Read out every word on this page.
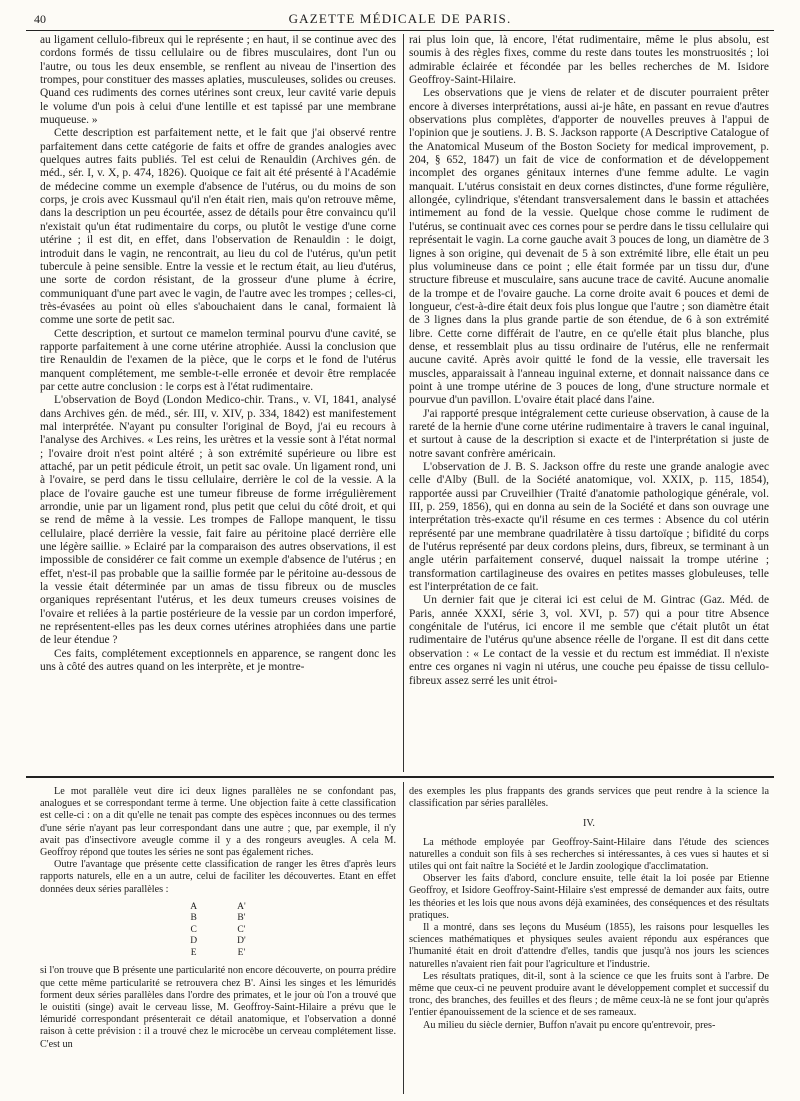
40	GAZETTE MÉDICALE DE PARIS.

au ligament cellulo-fibreux qui le représente ; en haut, il se continue avec des cordons formés de tissu cellulaire ou de fibres musculaires, dont l'un ou l'autre, ou tous les deux ensemble, se renflent au niveau de l'insertion des trompes, pour constituer des masses aplaties, musculeuses, solides ou creuses. Quand ces rudiments des cornes utérines sont creux, leur cavité varie depuis le volume d'un pois à celui d'une lentille et est tapissé par une membrane muqueuse. »

Cette description est parfaitement nette, et le fait que j'ai observé rentre parfaitement dans cette catégorie de faits et offre de grandes analogies avec quelques autres faits publiés. Tel est celui de Renauldin (Archives gén. de méd., sér. I, v. X, p. 474, 1826). Quoique ce fait ait été présenté à l'Académie de médecine comme un exemple d'absence de l'utérus, ou du moins de son corps, je crois avec Kussmaul qu'il n'en était rien, mais qu'on retrouve même, dans la description un peu écourtée, assez de détails pour être convaincu qu'il n'existait qu'un état rudimentaire du corps, ou plutôt le vestige d'une corne utérine ; il est dit, en effet, dans l'observation de Renauldin : le doigt, introduit dans le vagin, ne rencontrait, au lieu du col de l'utérus, qu'un petit tubercule à peine sensible. Entre la vessie et le rectum était, au lieu d'utérus, une sorte de cordon résistant, de la grosseur d'une plume à écrire, communiquant d'une part avec le vagin, de l'autre avec les trompes ; celles-ci, très-évasées au point où elles s'abouchaient dans le canal, formaient là comme une sorte de petit sac.

Cette description, et surtout ce mamelon terminal pourvu d'une cavité, se rapporte parfaitement à une corne utérine atrophiée. Aussi la conclusion que tire Renauldin de l'examen de la pièce, que le corps et le fond de l'utérus manquent complétement, me semble-t-elle erronée et devoir être remplacée par cette autre conclusion : le corps est à l'état rudimentaire.

L'observation de Boyd (London Medico-chir. Trans., v. VI, 1841, analysé dans Archives gén. de méd., sér. III, v. XIV, p. 334, 1842) est manifestement mal interprétée. N'ayant pu consulter l'original de Boyd, j'ai eu recours à l'analyse des Archives. « Les reins, les urètres et la vessie sont à l'état normal ; l'ovaire droit n'est point altéré ; à son extrémité supérieure ou libre est attaché, par un petit pédicule étroit, un petit sac ovale. Un ligament rond, uni à l'ovaire, se perd dans le tissu cellulaire, derrière le col de la vessie. A la place de l'ovaire gauche est une tumeur fibreuse de forme irrégulièrement arrondie, unie par un ligament rond, plus petit que celui du côté droit, et qui se rend de même à la vessie. Les trompes de Fallope manquent, le tissu cellulaire, placé derrière la vessie, fait faire au péritoine placé derrière elle une légère saillie. » Eclairé par la comparaison des autres observations, il est impossible de considérer ce fait comme un exemple d'absence de l'utérus ; en effet, n'est-il pas probable que la saillie formée par le péritoine au-dessous de la vessie était déterminée par un amas de tissu fibreux ou de muscles organiques représentant l'utérus, et les deux tumeurs creuses voisines de l'ovaire et reliées à la partie postérieure de la vessie par un cordon imperforé, ne représentent-elles pas les deux cornes utérines atrophiées dans une partie de leur étendue ?

Ces faits, complétement exceptionnels en apparence, se rangent donc les uns à côté des autres quand on les interprète, et je montre-

rai plus loin que, là encore, l'état rudimentaire, même le plus absolu, est soumis à des règles fixes, comme du reste dans toutes les monstruosités ; loi admirable éclairée et fécondée par les belles recherches de M. Isidore Geoffroy-Saint-Hilaire.

Les observations que je viens de relater et de discuter pourraient prêter encore à diverses interprétations, aussi ai-je hâte, en passant en revue d'autres observations plus complètes, d'apporter de nouvelles preuves à l'appui de l'opinion que je soutiens. J. B. S. Jackson rapporte (A Descriptive Catalogue of the Anatomical Museum of the Boston Society for medical improvement, p. 204, § 652, 1847) un fait de vice de conformation et de développement incomplet des organes génitaux internes d'une femme adulte. Le vagin manquait. L'utérus consistait en deux cornes distinctes, d'une forme régulière, allongée, cylindrique, s'étendant transversalement dans le bassin et attachées intimement au fond de la vessie. Quelque chose comme le rudiment de l'utérus, se continuait avec ces cornes pour se perdre dans le tissu cellulaire qui représentait le vagin. La corne gauche avait 3 pouces de long, un diamètre de 3 lignes à son origine, qui devenait de 5 à son extrémité libre, elle était un peu plus volumineuse dans ce point ; elle était formée par un tissu dur, d'une structure fibreuse et musculaire, sans aucune trace de cavité. Aucune anomalie de la trompe et de l'ovaire gauche. La corne droite avait 6 pouces et demi de longueur, c'est-à-dire était deux fois plus longue que l'autre ; son diamètre était de 3 lignes dans la plus grande partie de son étendue, de 6 à son extrémité libre. Cette corne différait de l'autre, en ce qu'elle était plus blanche, plus dense, et ressemblait plus au tissu ordinaire de l'utérus, elle ne renfermait aucune cavité. Après avoir quitté le fond de la vessie, elle traversait les muscles, apparaissait à l'anneau inguinal externe, et donnait naissance dans ce point à une trompe utérine de 3 pouces de long, d'une structure normale et pourvue d'un pavillon. L'ovaire était placé dans l'aine.

J'ai rapporté presque intégralement cette curieuse observation, à cause de la rareté de la hernie d'une corne utérine rudimentaire à travers le canal inguinal, et surtout à cause de la description si exacte et de l'interprétation si juste de notre savant confrère américain.

L'observation de J. B. S. Jackson offre du reste une grande analogie avec celle d'Alby (Bull. de la Société anatomique, vol. XXIX, p. 115, 1854), rapportée aussi par Cruveilhier (Traité d'anatomie pathologique générale, vol. III, p. 259, 1856), qui en donna au sein de la Société et dans son ouvrage une interprétation très-exacte qu'il résume en ces termes : Absence du col utérin représenté par une membrane quadrilatère à tissu dartoïque ; bifidité du corps de l'utérus représenté par deux cordons pleins, durs, fibreux, se terminant à un angle utérin parfaitement conservé, duquel naissait la trompe utérine ; transformation cartilagineuse des ovaires en petites masses globuleuses, telle est l'interprétation de ce fait.

Un dernier fait que je citerai ici est celui de M. Gintrac (Gaz. Méd. de Paris, année XXXI, série 3, vol. XVI, p. 57) qui a pour titre Absence congénitale de l'utérus, ici encore il me semble que c'était plutôt un état rudimentaire de l'utérus qu'une absence réelle de l'organe. Il est dit dans cette observation : « Le contact de la vessie et du rectum est immédiat. Il n'existe entre ces organes ni vagin ni utérus, une couche peu épaisse de tissu cellulo-fibreux assez serré les unit étroi-

Le mot parallèle veut dire ici deux lignes parallèles ne se confondant pas, analogues et se correspondant terme à terme. Une objection faite à cette classification est celle-ci : on a dit qu'elle ne tenait pas compte des espèces inconnues ou des termes d'une série n'ayant pas leur correspondant dans une autre ; que, par exemple, il n'y avait pas d'insectivore aveugle comme il y a des rongeurs aveugles. A cela M. Geoffroy répond que toutes les séries ne sont pas également riches.

Outre l'avantage que présente cette classification de ranger les êtres d'après leurs rapports naturels, elle en a un autre, celui de faciliter les découvertes. Etant en effet données deux séries parallèles :

A
B
C
D
E
A'
B'
C'
D'
E'

si l'on trouve que B présente une particularité non encore découverte, on pourra prédire que cette même particularité se retrouvera chez B'. Ainsi les singes et les lémuridés forment deux séries parallèles dans l'ordre des primates, et le jour où l'on a trouvé que le ouistiti (singe) avait le cerveau lisse, M. Geoffroy-Saint-Hilaire a prévu que le lémuridé correspondant présenterait ce détail anatomique, et l'observation a donné raison à cette prévision : il a trouvé chez le microcèbe un cerveau complétement lisse. C'est un

des exemples les plus frappants des grands services que peut rendre à la science la classification par séries parallèles.

IV.

La méthode employée par Geoffroy-Saint-Hilaire dans l'étude des sciences naturelles a conduit son fils à ses recherches si intéressantes, à ces vues si hautes et si utiles qui ont fait naître la Société et le Jardin zoologique d'acclimatation.

Observer les faits d'abord, conclure ensuite, telle était la loi posée par Etienne Geoffroy, et Isidore Geoffroy-Saint-Hilaire s'est empressé de demander aux faits, outre les théories et les lois que nous avons déjà examinées, des conséquences et des résultats pratiques.

Il a montré, dans ses leçons du Muséum (1855), les raisons pour lesquelles les sciences mathématiques et physiques seules avaient répondu aux espérances que l'humanité était en droit d'attendre d'elles, tandis que jusqu'à nos jours les sciences naturelles n'avaient rien fait pour l'agriculture et l'industrie.

Les résultats pratiques, dit-il, sont à la science ce que les fruits sont à l'arbre. De même que ceux-ci ne peuvent produire avant le développement complet et successif du tronc, des branches, des feuilles et des fleurs ; de même ceux-là ne se font jour qu'après l'entier épanouissement de la science et de ses rameaux.

Au milieu du siècle dernier, Buffon n'avait pu encore qu'entrevoir, pres-
